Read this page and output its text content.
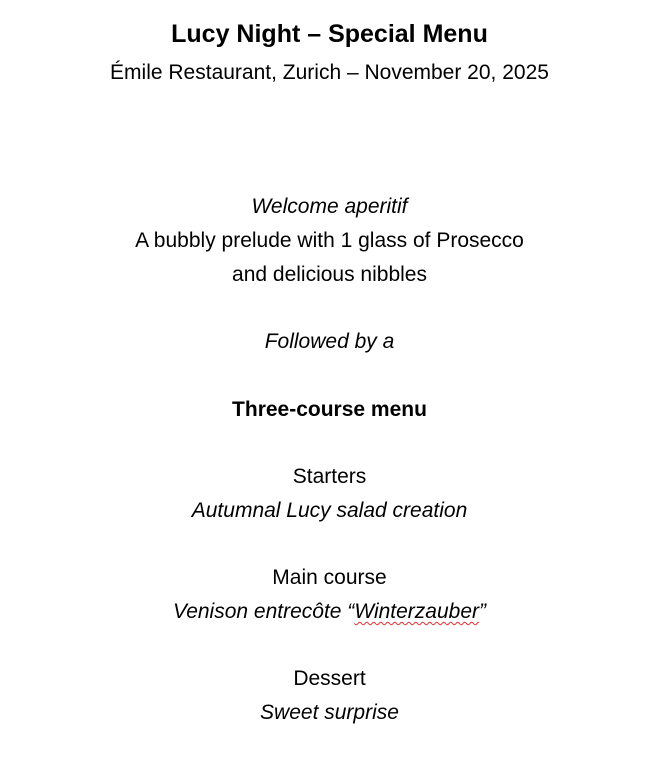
Lucy Night – Special Menu
Émile Restaurant, Zurich – November 20, 2025
Welcome aperitif
A bubbly prelude with 1 glass of Prosecco
and delicious nibbles
Followed by a
Three-course menu
Starters
Autumnal Lucy salad creation
Main course
Venison entrecôte “Winterzauber”
Dessert
Sweet surprise
